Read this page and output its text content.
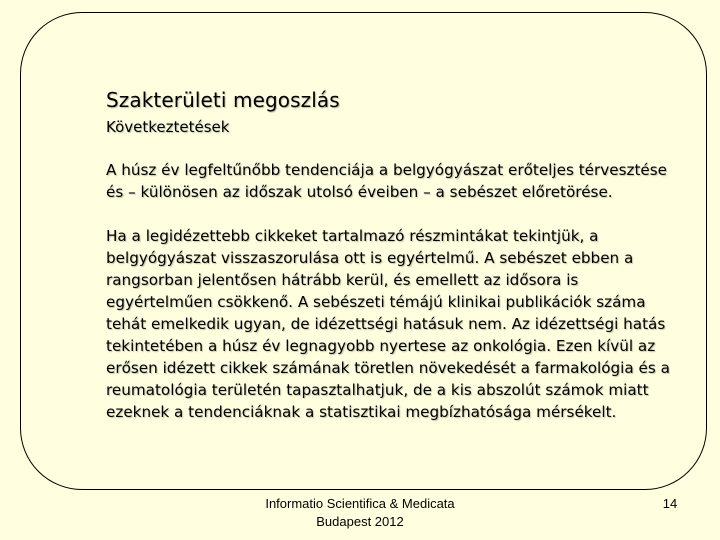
Szakterületi megoszlás
Következtetések

A húsz év legfeltűnőbb tendenciája a belgyógyászat erőteljes térvesztése és – különösen az időszak utolsó éveiben – a sebészet előretörése.

Ha a legidézettebb cikkeket tartalmazó részmintákat tekintjük, a belgyógyászat visszaszorulása ott is egyértelmű. A sebészet ebben a rangsorban jelentősen hátrább kerül, és emellett az idősora is egyértelműen csökkenő. A sebészeti témájú klinikai publikációk száma tehát emelkedik ugyan, de idézettségi hatásuk nem. Az idézettségi hatás tekintetében a húsz év legnagyobb nyertese az onkológia. Ezen kívül az erősen idézett cikkek számának töretlen növekedését a farmakológia és a reumatológia területén tapasztalhatjuk, de a kis abszolút számok miatt ezeknek a tendenciáknak a statisztikai megbízhatósága mérsékelt.

Informatio Scientifica & Medicata
Budapest 2012
14
